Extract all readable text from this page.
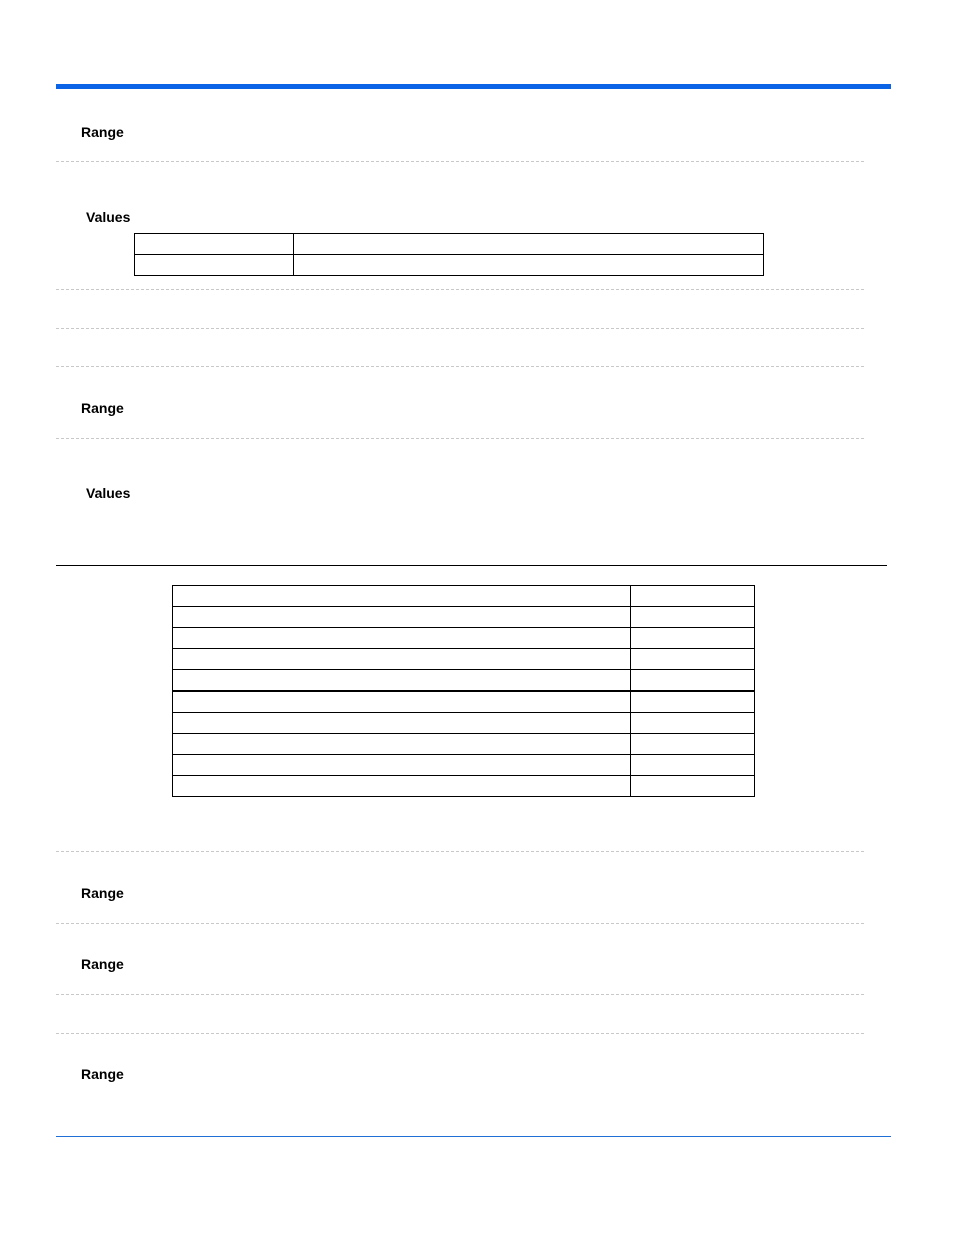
Range
Values

Range
Values

Range
Range
Range
